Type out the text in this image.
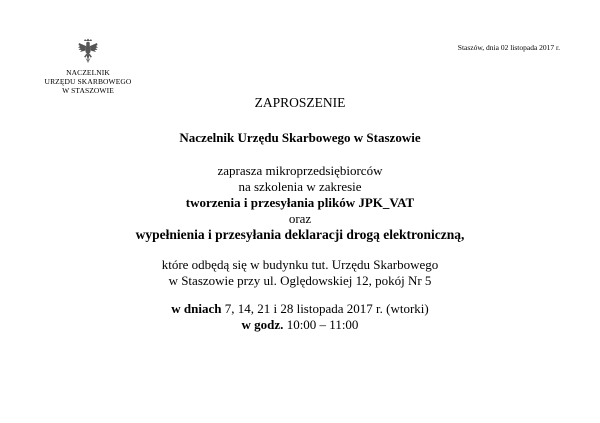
NACZELNIK
URZĘDU SKARBOWEGO
W STASZOWIE
Staszów, dnia 02 listopada 2017 r.
ZAPROSZENIE

Naczelnik Urzędu Skarbowego w Staszowie

zaprasza mikroprzedsiębiorców
na szkolenia w zakresie
tworzenia i przesyłania plików JPK_VAT
oraz
wypełnienia i przesyłania deklaracji drogą elektroniczną,
które odbędą się w budynku tut. Urzędu Skarbowego
w Staszowie przy ul. Oględowskiej 12, pokój Nr 5
w dniach 7, 14, 21 i 28 listopada 2017 r. (wtorki)
w godz. 10:00 – 11:00
